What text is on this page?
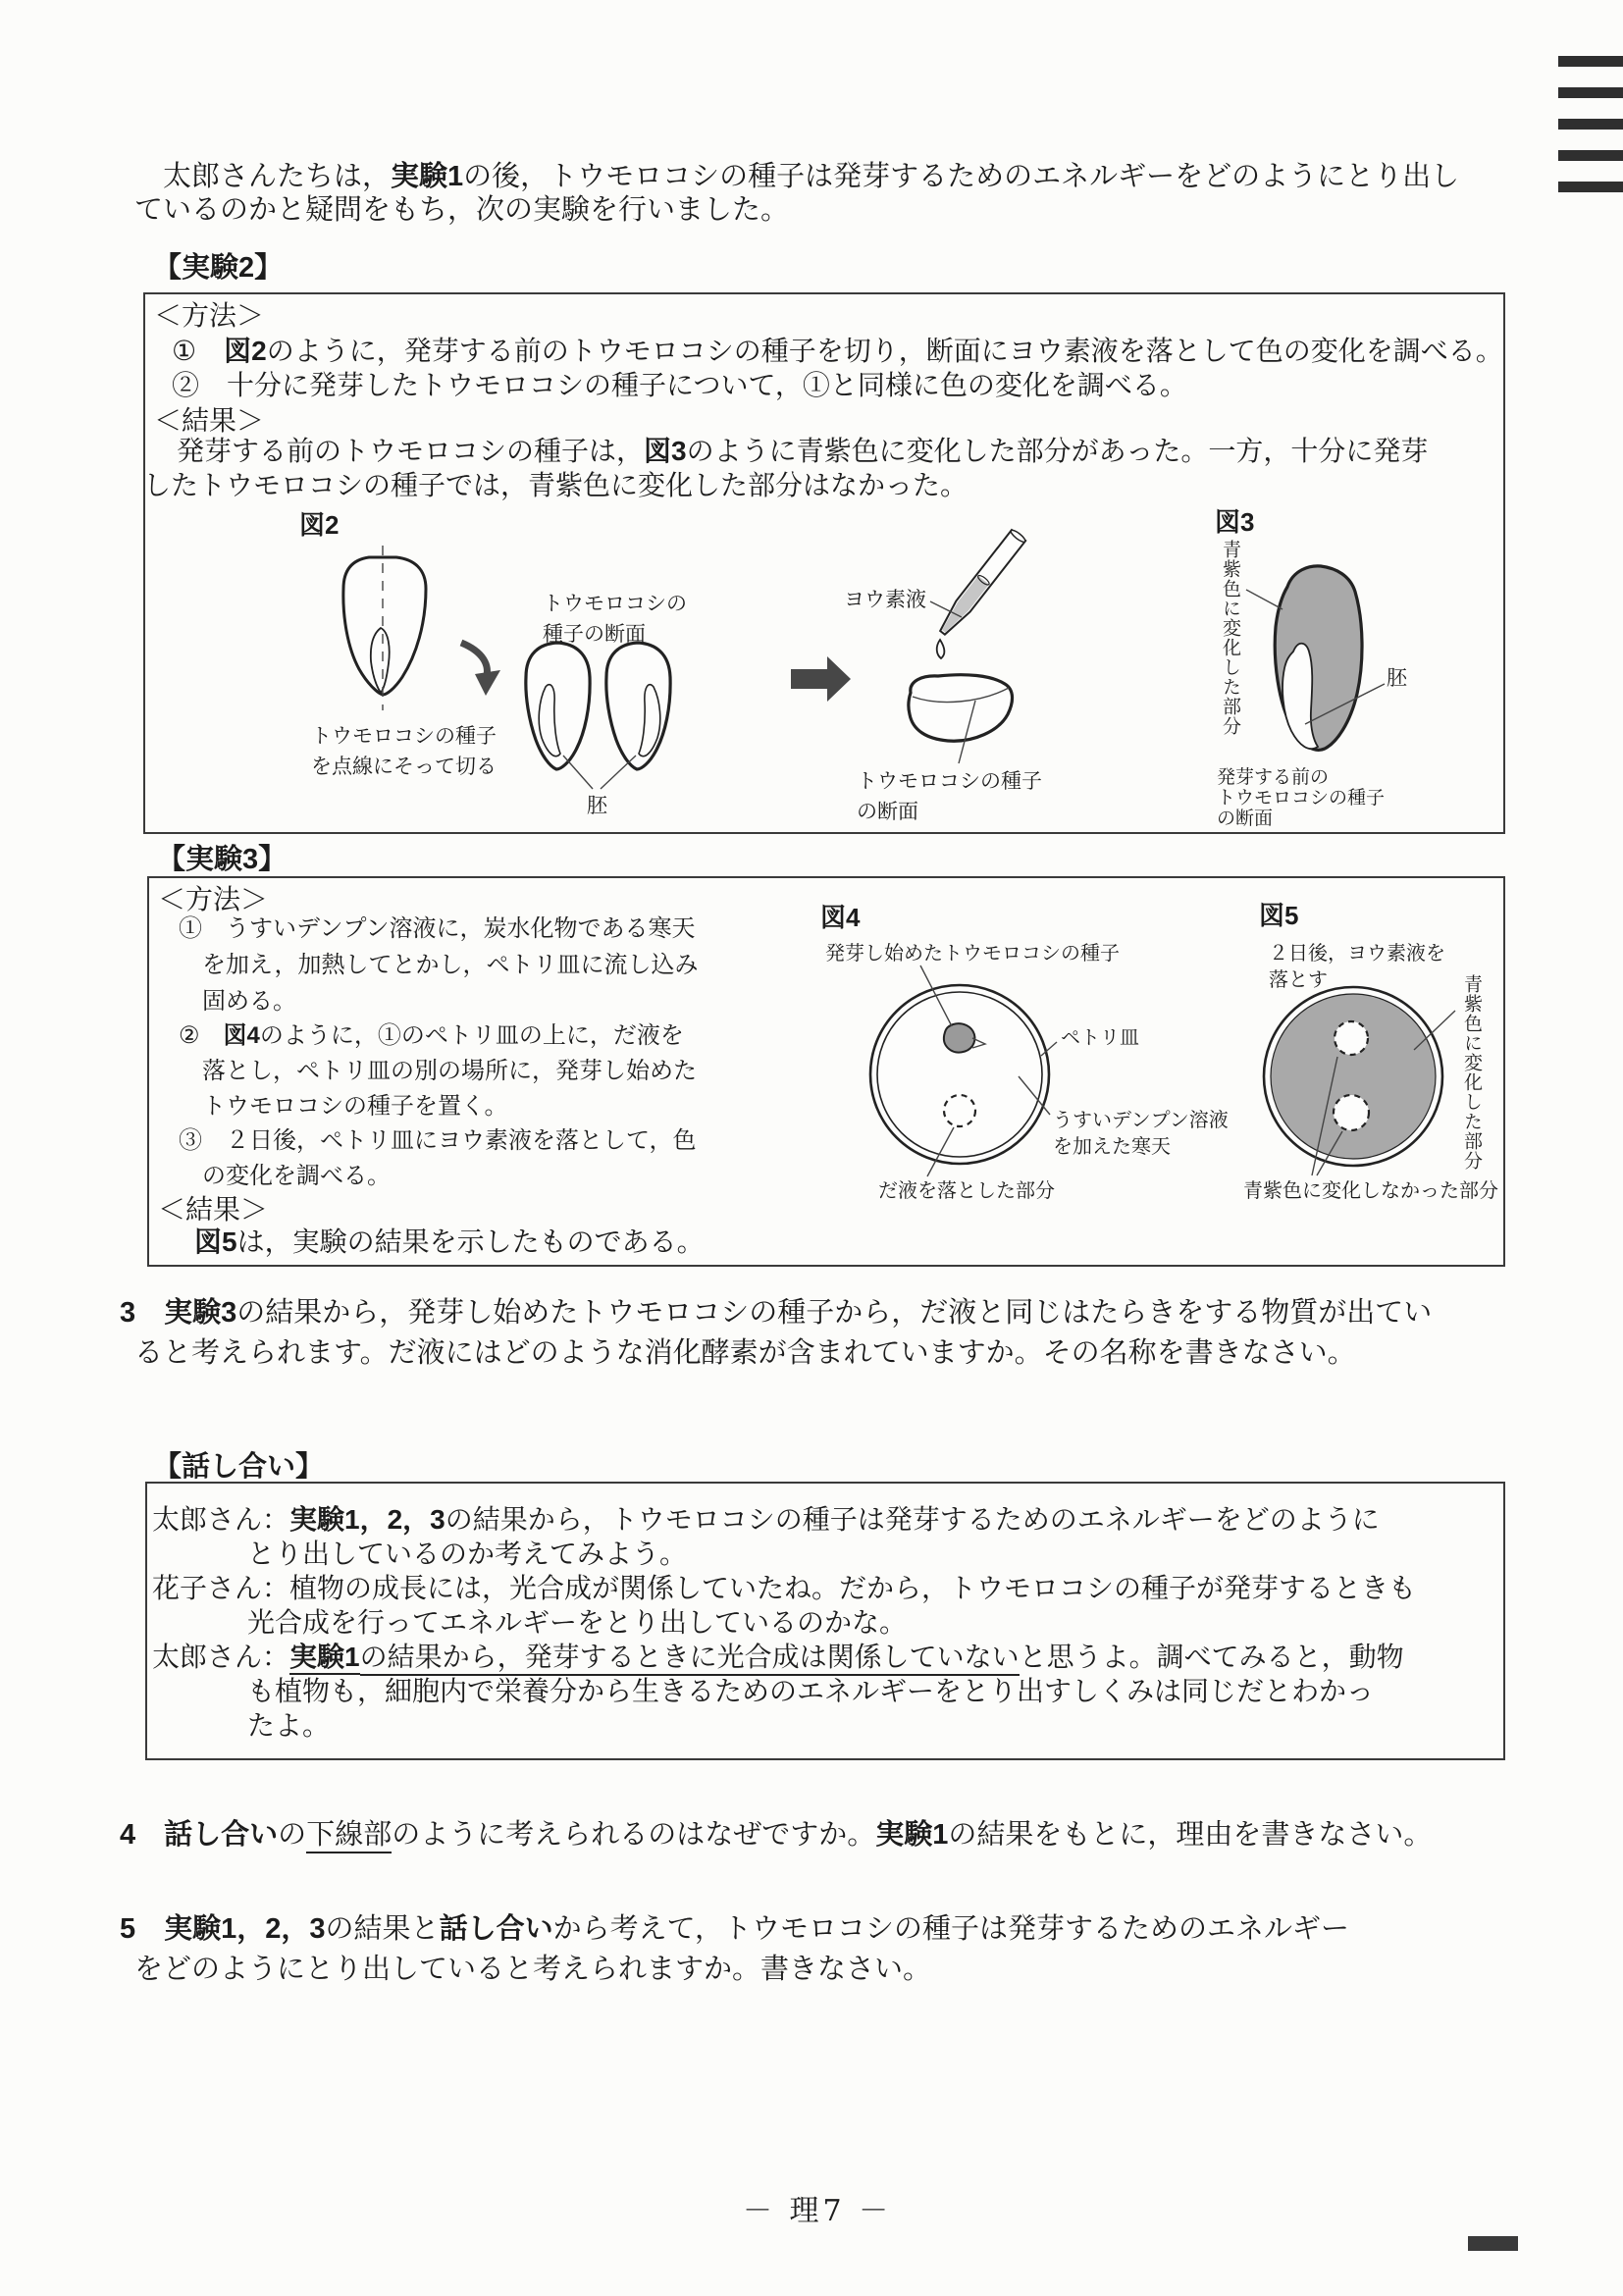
　太郎さんたちは，実験1の後，トウモロコシの種子は発芽するためのエネルギーをどのようにとり出し
ているのかと疑問をもち，次の実験を行いました。
【実験2】
＜方法＞
①　図2のように，発芽する前のトウモロコシの種子を切り，断面にヨウ素液を落として色の変化を調べる。
②　十分に発芽したトウモロコシの種子について，①と同様に色の変化を調べる。
＜結果＞
　発芽する前のトウモロコシの種子は，図3のように青紫色に変化した部分があった。一方，十分に発芽
したトウモロコシの種子では，青紫色に変化した部分はなかった。
図2
トウモロコシの種子
を点線にそって切る
トウモロコシの
種子の断面
胚
ヨウ素液
トウモロコシの種子
の断面
図3
青紫色に変化した部分	胚
発芽する前の
トウモロコシの種子
の断面
【実験3】
＜方法＞
①　うすいデンプン溶液に，炭水化物である寒天
を加え，加熱してとかし，ペトリ皿に流し込み
固める。
②　図4のように，①のペトリ皿の上に，だ液を
落とし，ペトリ皿の別の場所に，発芽し始めた
トウモロコシの種子を置く。
③　２日後，ペトリ皿にヨウ素液を落として，色
の変化を調べる。
＜結果＞
　図5は，実験の結果を示したものである。
図4
発芽し始めたトウモロコシの種子
ペトリ皿
うすいデンプン溶液
を加えた寒天
だ液を落とした部分
図5
２日後，ヨウ素液を
落とす	青紫色に変化した部分
青紫色に変化しなかった部分
3　 実験3の結果から，発芽し始めたトウモロコシの種子から，だ液と同じはたらきをする物質が出てい
ると考えられます。だ液にはどのような消化酵素が含まれていますか。その名称を書きなさい。
【話し合い】
太郎さん：実験1，2，3の結果から，トウモロコシの種子は発芽するためのエネルギーをどのように
とり出しているのか考えてみよう。
花子さん：植物の成長には，光合成が関係していたね。だから，トウモロコシの種子が発芽するときも
光合成を行ってエネルギーをとり出しているのかな。
太郎さん：実験1の結果から，発芽するときに光合成は関係していないと思うよ。調べてみると，動物
も植物も，細胞内で栄養分から生きるためのエネルギーをとり出すしくみは同じだとわかっ
たよ。
4　 話し合いの下線部のように考えられるのはなぜですか。実験1の結果をもとに，理由を書きなさい。
5　 実験1，2，3の結果と話し合いから考えて，トウモロコシの種子は発芽するためのエネルギー
をどのようにとり出していると考えられますか。書きなさい。
－ 理7 －
